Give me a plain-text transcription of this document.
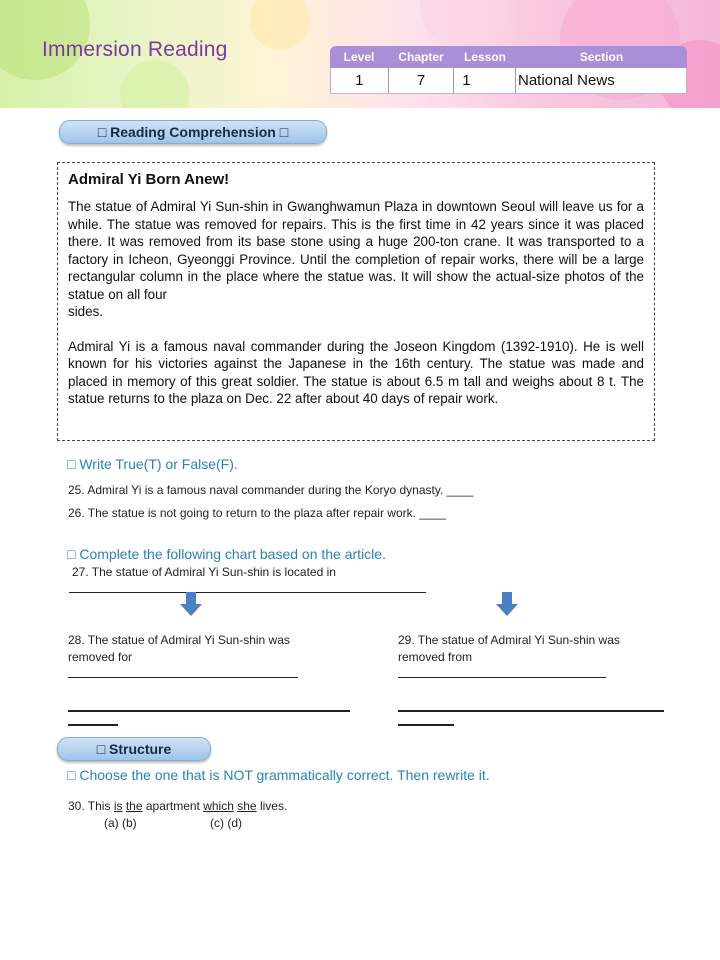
Immersion Reading	Level	Chapter	Lesson	Section
1	7	1	National News
□ Reading Comprehension □

Admiral Yi Born Anew!

The statue of Admiral Yi Sun-shin in Gwanghwamun Plaza in downtown Seoul will leave us for a while. The statue was removed for repairs. This is the first time in 42 years since it was placed there. It was removed from its base stone using a huge 200-ton crane. It was transported to a factory in Icheon, Gyeonggi Province. Until the completion of repair works, there will be a large rectangular column in the place where the statue was. It will show the actual-size photos of the statue on all four

sides.

Admiral Yi is a famous naval commander during the Joseon Kingdom (1392-1910). He is well known for his victories against the Japanese in the 16th century. The statue was made and placed in memory of this great soldier. The statue is about 6.5 m tall and weighs about 8 t. The statue returns to the plaza on Dec. 22 after about 40 days of repair work.

□ Write True(T) or False(F).
25. Admiral Yi is a famous naval commander during the Koryo dynasty. ____
26. The statue is not going to return to the plaza after repair work. ____
□ Complete the following chart based on the article.
27. The statue of Admiral Yi Sun-shin is located in
28. The statue of Admiral Yi Sun-shin was removed for
29. The statue of Admiral Yi Sun-shin was removed from
□ Structure
□ Choose the one that is NOT grammatically correct. Then rewrite it.
30. This is the apartment which she lives.
(a) (b)	(c) (d)
